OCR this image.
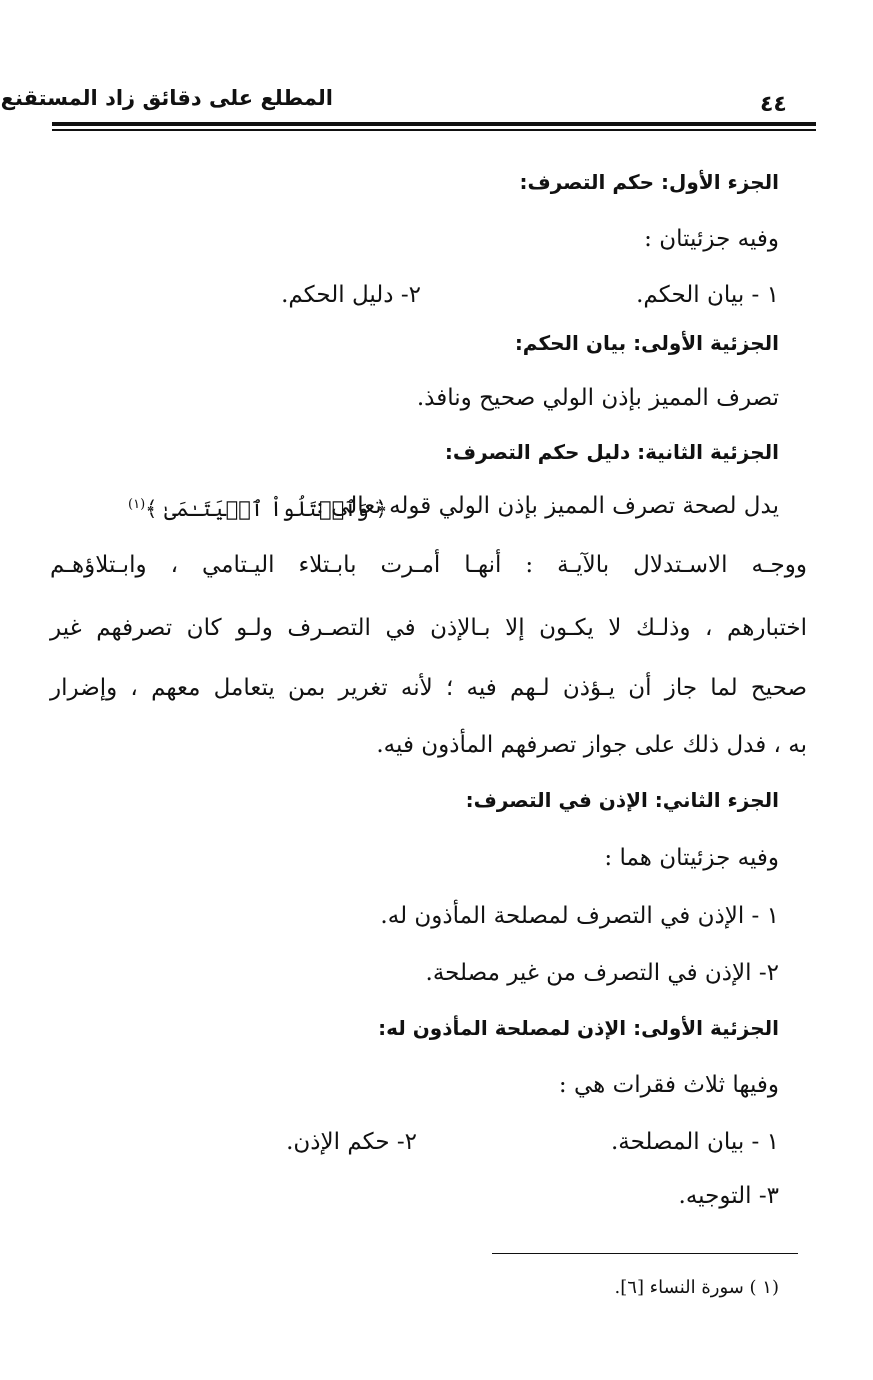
المطلع على دقائق زاد المستقنع	٤٤
الجزء الأول: حكم التصرف:
وفيه جزئيتان :
١ - بيان الحكم.
٢- دليل الحكم.
الجزئية الأولى: بيان الحكم:
تصرف المميز بإذن الولي صحيح ونافذ.
الجزئية الثانية: دليل حكم التصرف:
يدل لصحة تصرف المميز بإذن الولي قوله تعالى :
﴿ وَٱبۡتَلُواْ ٱلۡيَتَـٰمَىٰ ﴾$^{(١)}$
ووجـه الاسـتدلال بالآيـة : أنهـا أمـرت بابـتلاء اليـتامي ، وابـتلاؤهـم
اختبارهم ، وذلـك لا يكـون إلا بـالإذن في التصـرف ولـو كان تصرفهم غير
صحيح لما جاز أن يـؤذن لـهم فيه ؛ لأنه تغرير بمن يتعامل معهم ، وإضرار
به ، فدل ذلك على جواز تصرفهم المأذون فيه.
الجزء الثاني: الإذن في التصرف:
وفيه جزئيتان هما :
١ - الإذن في التصرف لمصلحة المأذون له.
٢- الإذن في التصرف من غير مصلحة.
الجزئية الأولى: الإذن لمصلحة المأذون له:
وفيها ثلاث فقرات هي :
١ - بيان المصلحة.
٢- حكم الإذن.
٣- التوجيه.
(١ ) سورة النساء [٦].
